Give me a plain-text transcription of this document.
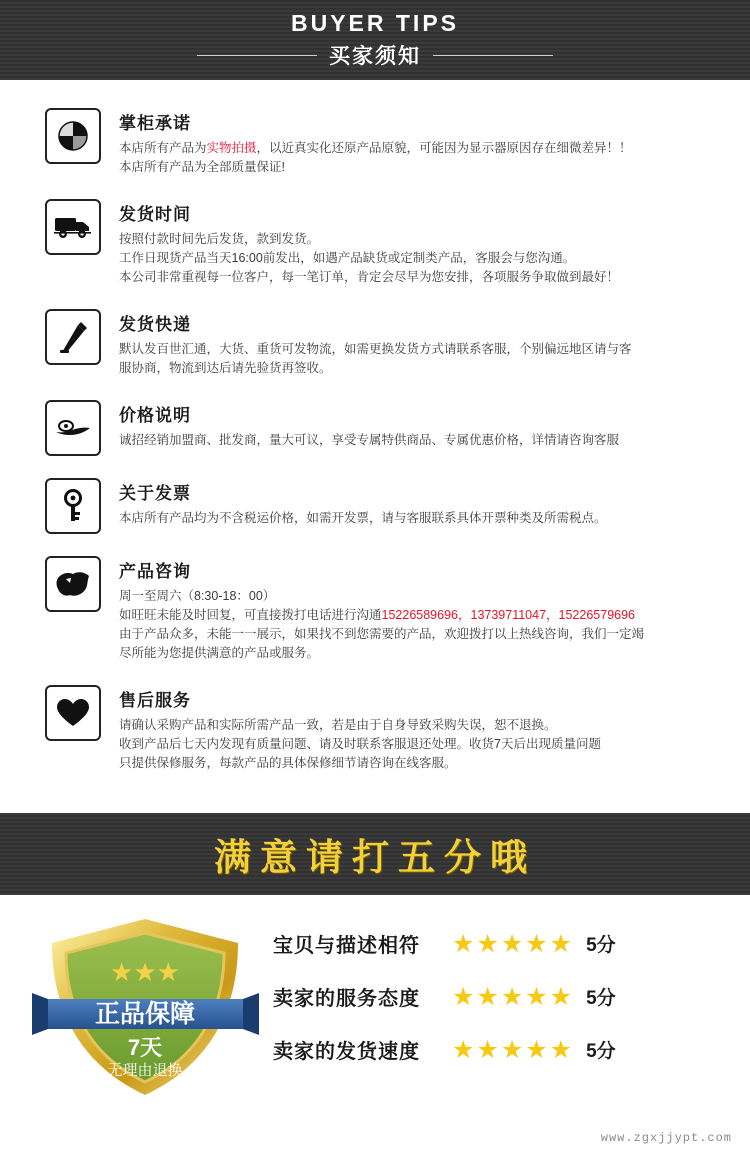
BUYER TIPS
买家须知
掌柜承诺
本店所有产品为实物拍摄，以近真实化还原产品原貌，可能因为显示器原因存在细微差异！！
本店所有产品为全部质量保证!
发货时间
按照付款时间先后发货，款到发货。
工作日现货产品当天16:00前发出，如遇产品缺货或定制类产品，客服会与您沟通。
本公司非常重视每一位客户，每一笔订单，肯定会尽早为您安排，各项服务争取做到最好！
发货快递
默认发百世汇通，大货、重货可发物流，如需更换发货方式请联系客服，个别偏远地区请与客
服协商，物流到达后请先验货再签收。
价格说明
诚招经销加盟商、批发商，量大可议，享受专属特供商品、专属优惠价格，详情请咨询客服
关于发票
本店所有产品均为不含税运价格，如需开发票，请与客服联系具体开票种类及所需税点。
产品咨询
周一至周六（8:30-18：00）
如旺旺未能及时回复，可直接拨打电话进行沟通15226589696，13739711047，15226579696
由于产品众多，未能一一展示，如果找不到您需要的产品，欢迎拨打以上热线咨询，我们一定竭
尽所能为您提供满意的产品或服务。
售后服务
请确认采购产品和实际所需产品一致，若是由于自身导致采购失误，恕不退换。
收到产品后七天内发现有质量问题、请及时联系客服退还处理。收货7天后出现质量问题
只提供保修服务，每款产品的具体保修细节请咨询在线客服。
满意请打五分哦
★★★
正品保障
7天
无理由退换
宝贝与描述相符	★★★★★ 5分
卖家的服务态度	★★★★★ 5分
卖家的发货速度	★★★★★ 5分
www.zgxjjypt.com
